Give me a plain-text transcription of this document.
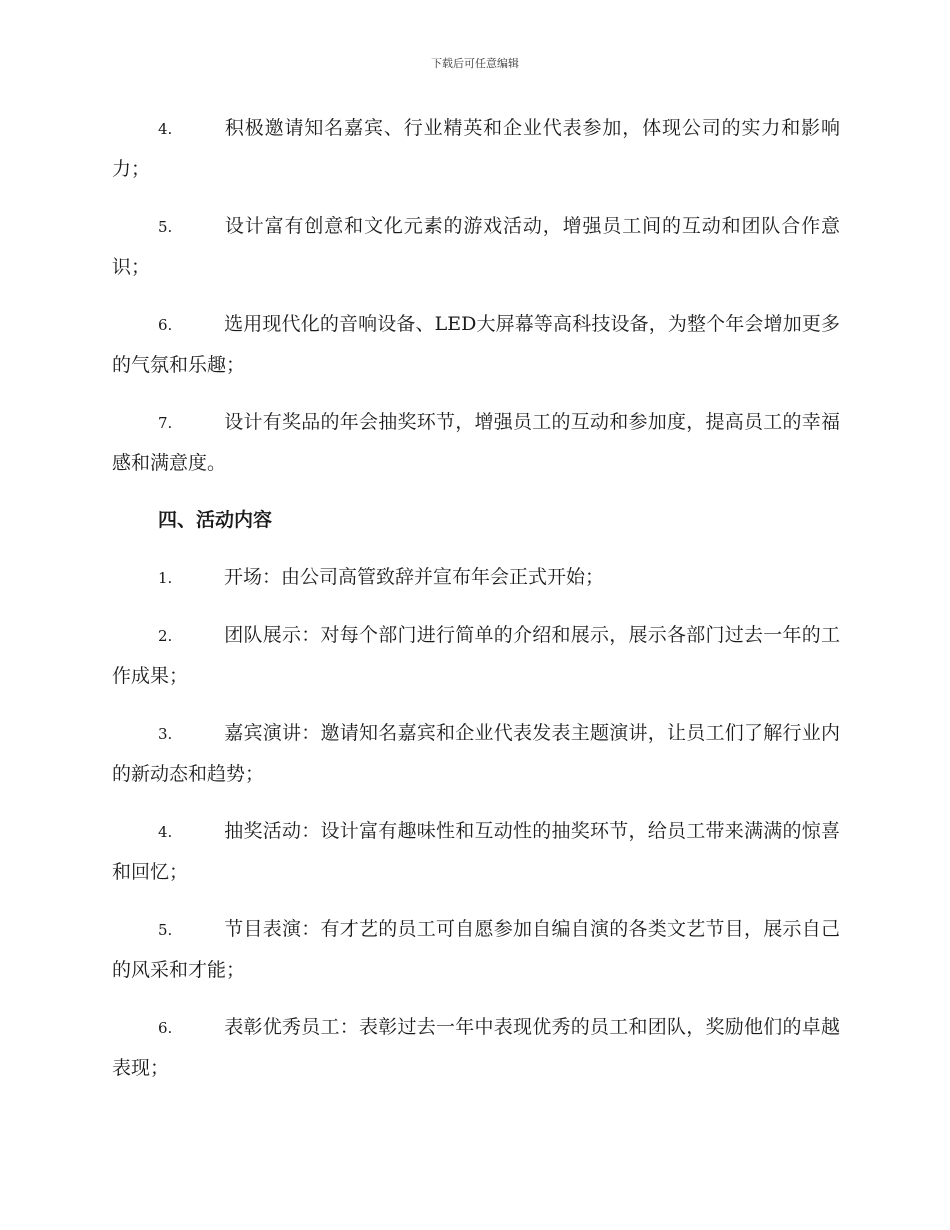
下载后可任意编辑

4.	积极邀请知名嘉宾、行业精英和企业代表参加，体现公司的实力和影响力；

5.	设计富有创意和文化元素的游戏活动，增强员工间的互动和团队合作意识；

6.	选用现代化的音响设备、LED大屏幕等高科技设备，为整个年会增加更多的气氛和乐趣；

7.	设计有奖品的年会抽奖环节，增强员工的互动和参加度，提高员工的幸福感和满意度。

四、活动内容

1.	开场：由公司高管致辞并宣布年会正式开始；

2.	团队展示：对每个部门进行简单的介绍和展示，展示各部门过去一年的工作成果；

3.	嘉宾演讲：邀请知名嘉宾和企业代表发表主题演讲，让员工们了解行业内的新动态和趋势；

4.	抽奖活动：设计富有趣味性和互动性的抽奖环节，给员工带来满满的惊喜和回忆；

5.	节目表演：有才艺的员工可自愿参加自编自演的各类文艺节目，展示自己的风采和才能；

6.	表彰优秀员工：表彰过去一年中表现优秀的员工和团队，奖励他们的卓越表现；
